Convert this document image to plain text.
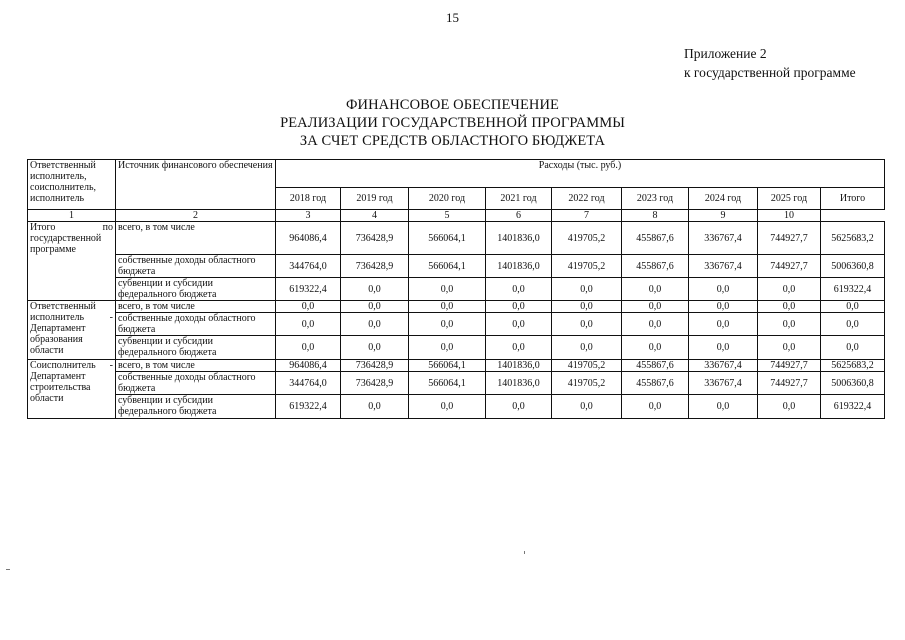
15
Приложение 2
к государственной программе
ФИНАНСОВОЕ ОБЕСПЕЧЕНИЕ
РЕАЛИЗАЦИИ ГОСУДАРСТВЕННОЙ ПРОГРАММЫ
ЗА СЧЕТ СРЕДСТВ ОБЛАСТНОГО БЮДЖЕТА
Ответственный исполнитель, соисполнитель, исполнитель	Источник финансового обеспечения	Расходы (тыс. руб.)								
		2018 год	2019 год	2020 год	2021 год	2022 год	2023 год	2024 год	2025 год	Итого
1	2	3	4	5	6	7	8	9	10	
Итого по государственной программе	всего, в том числе	964086,4	736428,9	566064,1	1401836,0	419705,2	455867,6	336767,4	744927,7	5625683,2
	собственные доходы областного бюджета	344764,0	736428,9	566064,1	1401836,0	419705,2	455867,6	336767,4	744927,7	5006360,8
	субвенции и субсидии федерального бюджета	619322,4	0,0	0,0	0,0	0,0	0,0	0,0	0,0	619322,4
Ответственный исполнитель - Департамент образования области	всего, в том числе	0,0	0,0	0,0	0,0	0,0	0,0	0,0	0,0	0,0
	собственные доходы областного бюджета	0,0	0,0	0,0	0,0	0,0	0,0	0,0	0,0	0,0
	субвенции и субсидии федерального бюджета	0,0	0,0	0,0	0,0	0,0	0,0	0,0	0,0	0,0
Соисполнитель - Департамент строительства области	всего, в том числе	964086,4	736428,9	566064,1	1401836,0	419705,2	455867,6	336767,4	744927,7	5625683,2
	собственные доходы областного бюджета	344764,0	736428,9	566064,1	1401836,0	419705,2	455867,6	336767,4	744927,7	5006360,8
	субвенции и субсидии федерального бюджета	619322,4	0,0	0,0	0,0	0,0	0,0	0,0	0,0	619322,4
